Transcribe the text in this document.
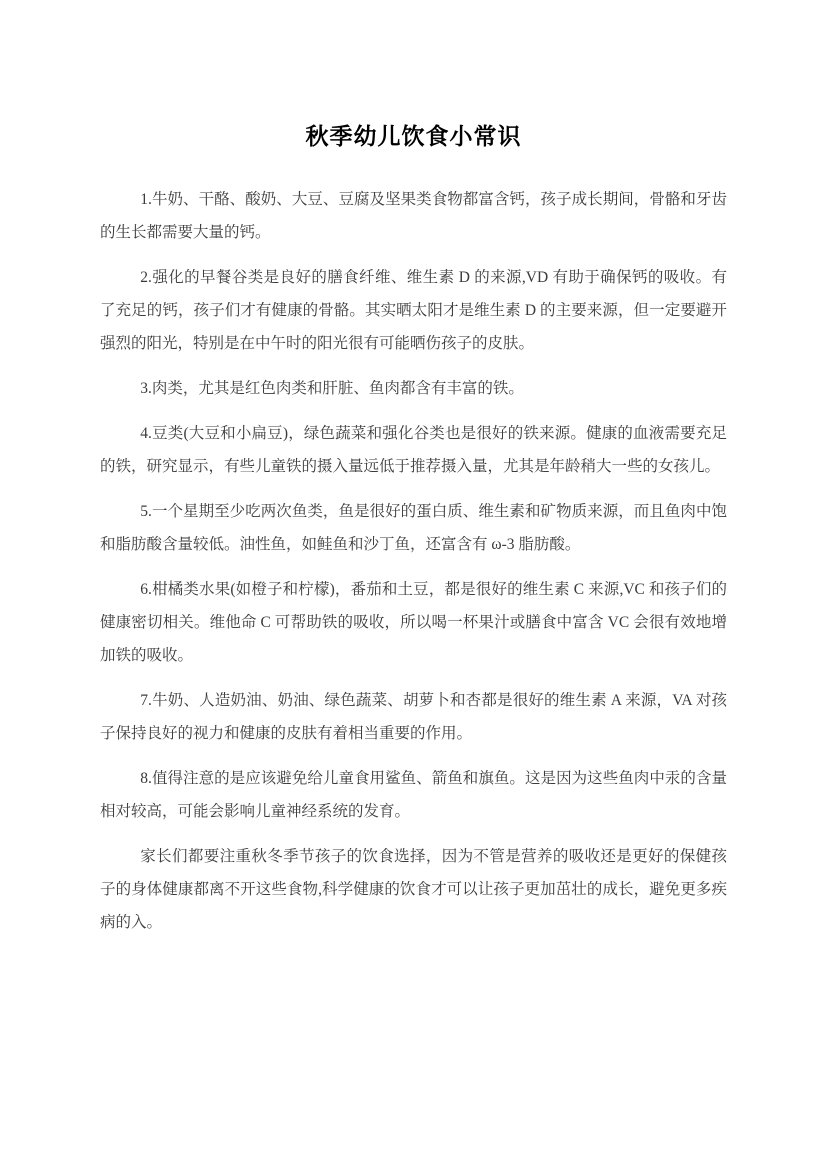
秋季幼儿饮食小常识

1.牛奶、干酪、酸奶、大豆、豆腐及坚果类食物都富含钙，孩子成长期间，骨骼和牙齿的生长都需要大量的钙。

2.强化的早餐谷类是良好的膳食纤维、维生素 D 的来源,VD 有助于确保钙的吸收。有了充足的钙，孩子们才有健康的骨骼。其实晒太阳才是维生素 D 的主要来源，但一定要避开强烈的阳光，特别是在中午时的阳光很有可能晒伤孩子的皮肤。

3.肉类，尤其是红色肉类和肝脏、鱼肉都含有丰富的铁。

4.豆类(大豆和小扁豆)，绿色蔬菜和强化谷类也是很好的铁来源。健康的血液需要充足的铁，研究显示，有些儿童铁的摄入量远低于推荐摄入量，尤其是年龄稍大一些的女孩儿。

5.一个星期至少吃两次鱼类，鱼是很好的蛋白质、维生素和矿物质来源，而且鱼肉中饱和脂肪酸含量较低。油性鱼，如鲑鱼和沙丁鱼，还富含有 ω-3 脂肪酸。

6.柑橘类水果(如橙子和柠檬)，番茄和土豆，都是很好的维生素 C 来源,VC 和孩子们的健康密切相关。维他命 C 可帮助铁的吸收，所以喝一杯果汁或膳食中富含 VC 会很有效地增加铁的吸收。

7.牛奶、人造奶油、奶油、绿色蔬菜、胡萝卜和杏都是很好的维生素 A 来源，VA 对孩子保持良好的视力和健康的皮肤有着相当重要的作用。

8.值得注意的是应该避免给儿童食用鲨鱼、箭鱼和旗鱼。这是因为这些鱼肉中汞的含量相对较高，可能会影响儿童神经系统的发育。

家长们都要注重秋冬季节孩子的饮食选择，因为不管是营养的吸收还是更好的保健孩子的身体健康都离不开这些食物,科学健康的饮食才可以让孩子更加茁壮的成长，避免更多疾病的入。
